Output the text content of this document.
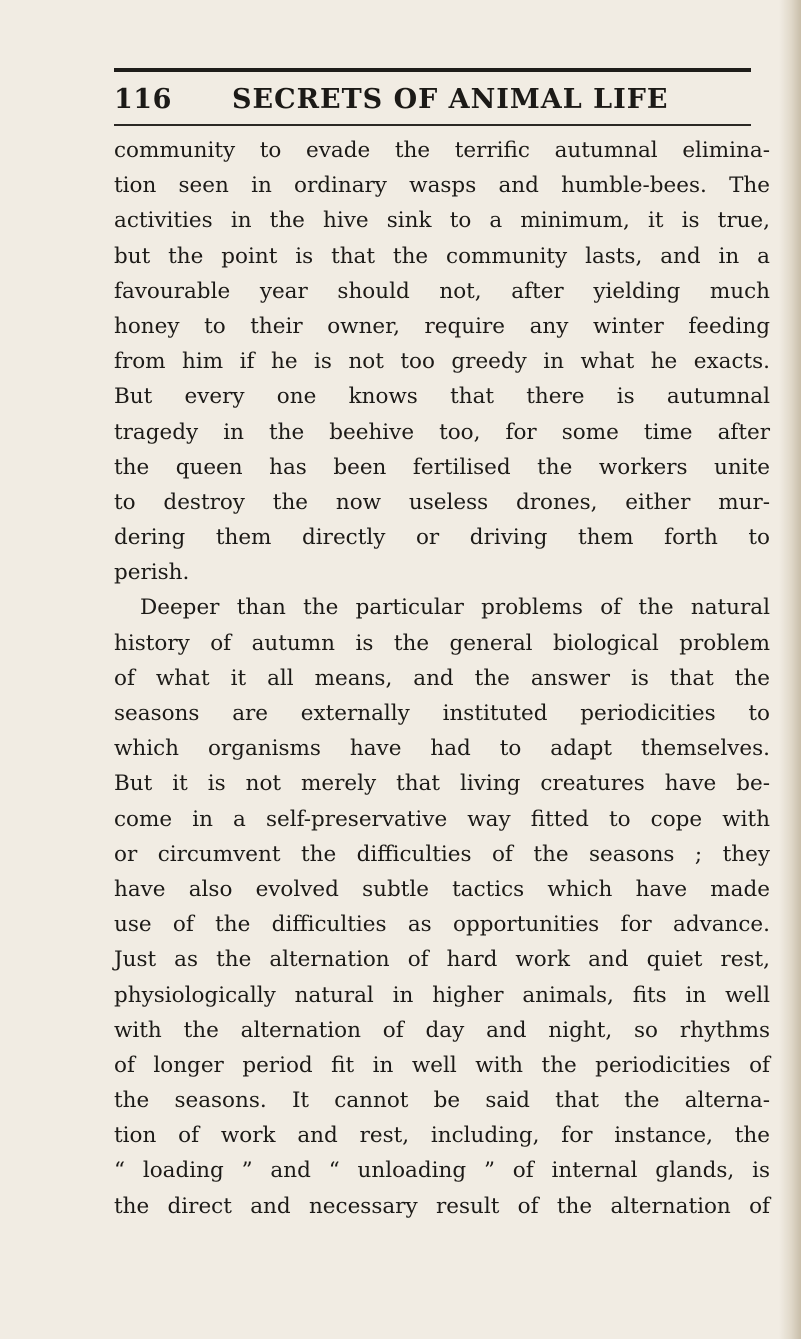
116 SECRETS OF ANIMAL LIFE
community to evade the terrific autumnal elimina-
tion seen in ordinary wasps and humble-bees. The
activities in the hive sink to a minimum, it is true,
but the point is that the community lasts, and in a
favourable year should not, after yielding much
honey to their owner, require any winter feeding
from him if he is not too greedy in what he exacts.
But every one knows that there is autumnal
tragedy in the beehive too, for some time after
the queen has been fertilised the workers unite
to destroy the now useless drones, either mur-
dering them directly or driving them forth to
perish.
Deeper than the particular problems of the natural
history of autumn is the general biological problem
of what it all means, and the answer is that the
seasons are externally instituted periodicities to
which organisms have had to adapt themselves.
But it is not merely that living creatures have be-
come in a self-preservative way fitted to cope with
or circumvent the difficulties of the seasons ; they
have also evolved subtle tactics which have made
use of the difficulties as opportunities for advance.
Just as the alternation of hard work and quiet rest,
physiologically natural in higher animals, fits in well
with the alternation of day and night, so rhythms
of longer period fit in well with the periodicities of
the seasons. It cannot be said that the alterna-
tion of work and rest, including, for instance, the
“ loading ” and “ unloading ” of internal glands, is
the direct and necessary result of the alternation of
